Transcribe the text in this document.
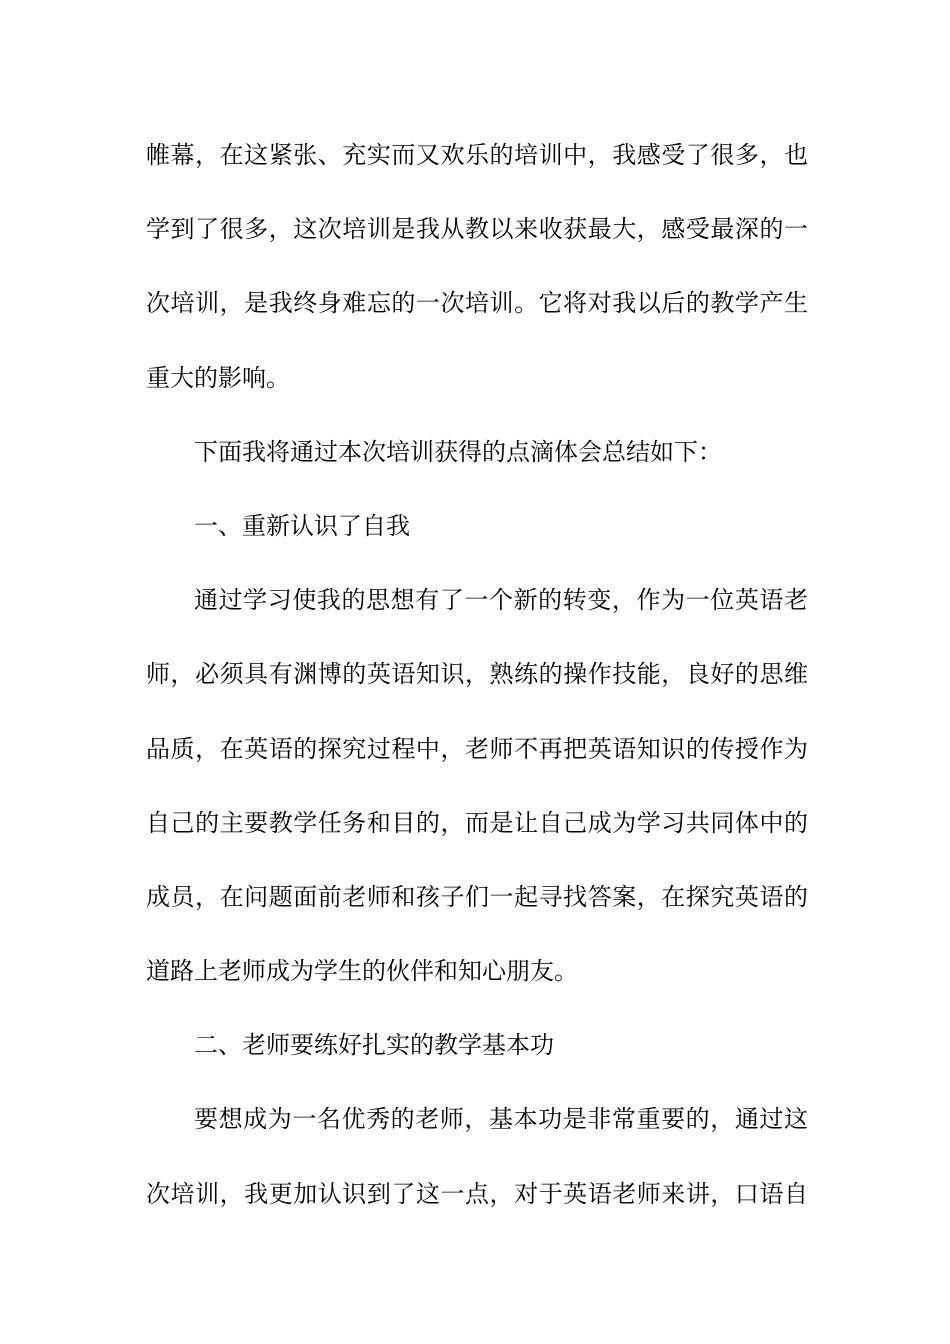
帷幕，在这紧张、充实而又欢乐的培训中，我感受了很多，也
学到了很多，这次培训是我从教以来收获最大，感受最深的一
次培训，是我终身难忘的一次培训。它将对我以后的教学产生
重大的影响。
下面我将通过本次培训获得的点滴体会总结如下：
一、重新认识了自我
通过学习使我的思想有了一个新的转变，作为一位英语老
师，必须具有渊博的英语知识，熟练的操作技能，良好的思维
品质，在英语的探究过程中，老师不再把英语知识的传授作为
自己的主要教学任务和目的，而是让自己成为学习共同体中的
成员，在问题面前老师和孩子们一起寻找答案，在探究英语的
道路上老师成为学生的伙伴和知心朋友。
二、老师要练好扎实的教学基本功
要想成为一名优秀的老师，基本功是非常重要的，通过这
次培训，我更加认识到了这一点，对于英语老师来讲，口语自
